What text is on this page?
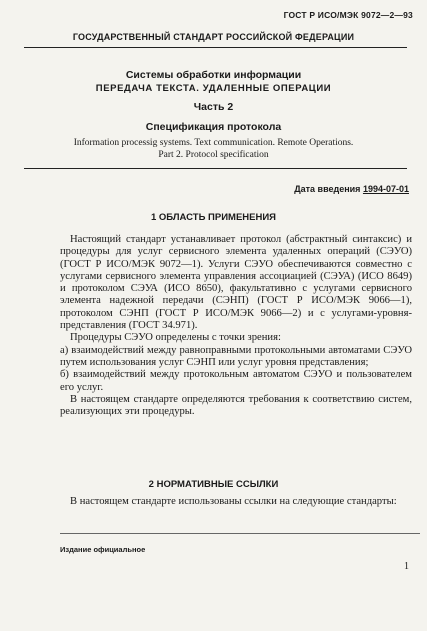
ГОСТ Р ИСО/МЭК 9072—2—93
ГОСУДАРСТВЕННЫЙ СТАНДАРТ РОССИЙСКОЙ ФЕДЕРАЦИИ
Системы обработки информации
ПЕРЕДАЧА ТЕКСТА. УДАЛЕННЫЕ ОПЕРАЦИИ
Часть 2
Спецификация протокола
Information processig systems. Text communication. Remote Operations.
Part 2. Protocol specification
Дата введения 1994-07-01
1 ОБЛАСТЬ ПРИМЕНЕНИЯ

Настоящий стандарт устанавливает протокол (абстрактный синтаксис) и процедуры для услуг сервисного элемента удаленных операций (СЭУО) (ГОСТ Р ИСО/МЭК 9072—1). Услуги СЭУО обеспечиваются совместно с услугами сервисного элемента управления ассоциацией (СЭУА) (ИСО 8649) и протоколом СЭУА (ИСО 8650), факультативно с услугами сервисного элемента надежной передачи (СЭНП) (ГОСТ Р ИСО/МЭК 9066—1), протоколом СЭНП (ГОСТ Р ИСО/МЭК 9066—2) и с услугами-уровня-представления (ГОСТ 34.971).

Процедуры СЭУО определены с точки зрения:

а) взаимодействий между равноправными протокольными автоматами СЭУО путем использования услуг СЭНП или услуг уровня представления;

б) взаимодействий между протокольным автоматом СЭУО и пользователем его услуг.

В настоящем стандарте определяются требования к соответствию систем, реализующих эти процедуры.

2 НОРМАТИВНЫЕ ССЫЛКИ

В настоящем стандарте использованы ссылки на следующие стандарты:

Издание официальное
1
